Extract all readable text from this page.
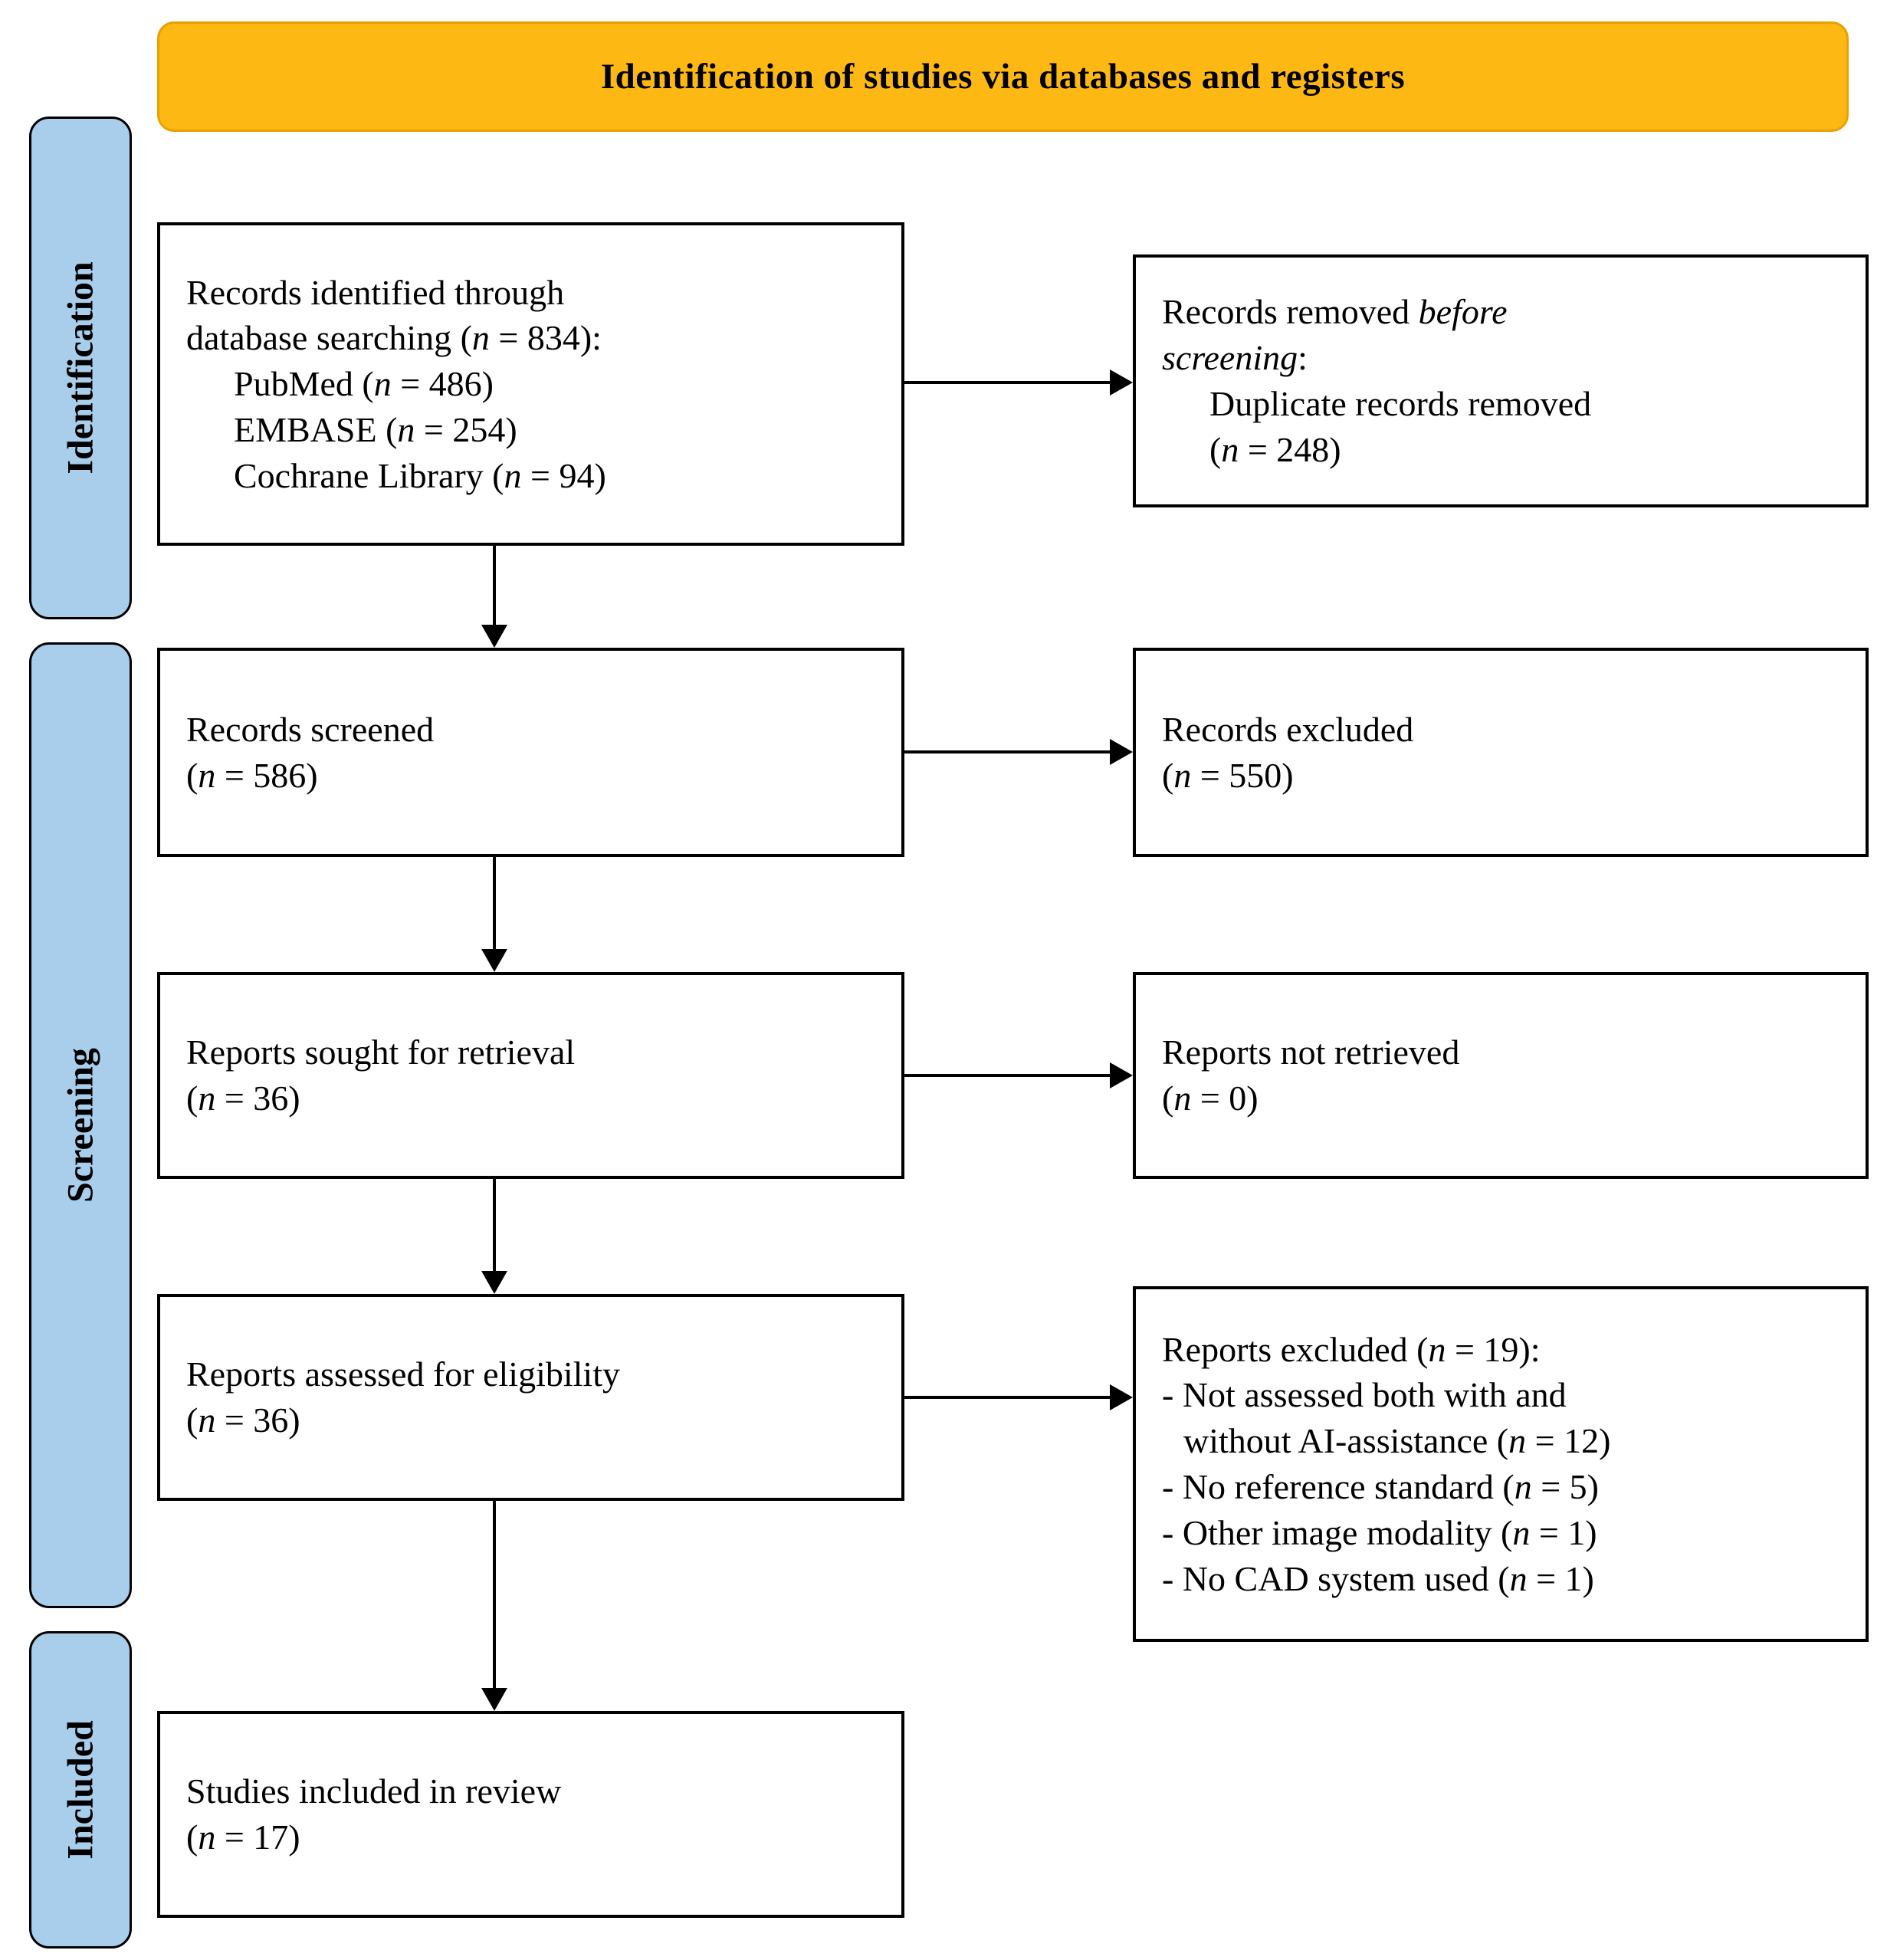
Identification of studies via databases and registers
Identification
Screening
Included
Records identified through
database searching (n = 834):
PubMed (n = 486)
EMBASE (n = 254)
Cochrane Library (n = 94)
Records screened
(n = 586)
Reports sought for retrieval
(n = 36)
Reports assessed for eligibility
(n = 36)
Studies included in review
(n = 17)
Records removed before
screening:
Duplicate records removed
(n = 248)
Records excluded
(n = 550)
Reports not retrieved
(n = 0)
Reports excluded (n = 19):
- Not assessed both with and
without AI-assistance (n = 12)
- No reference standard (n = 5)
- Other image modality (n = 1)
- No CAD system used (n = 1)
